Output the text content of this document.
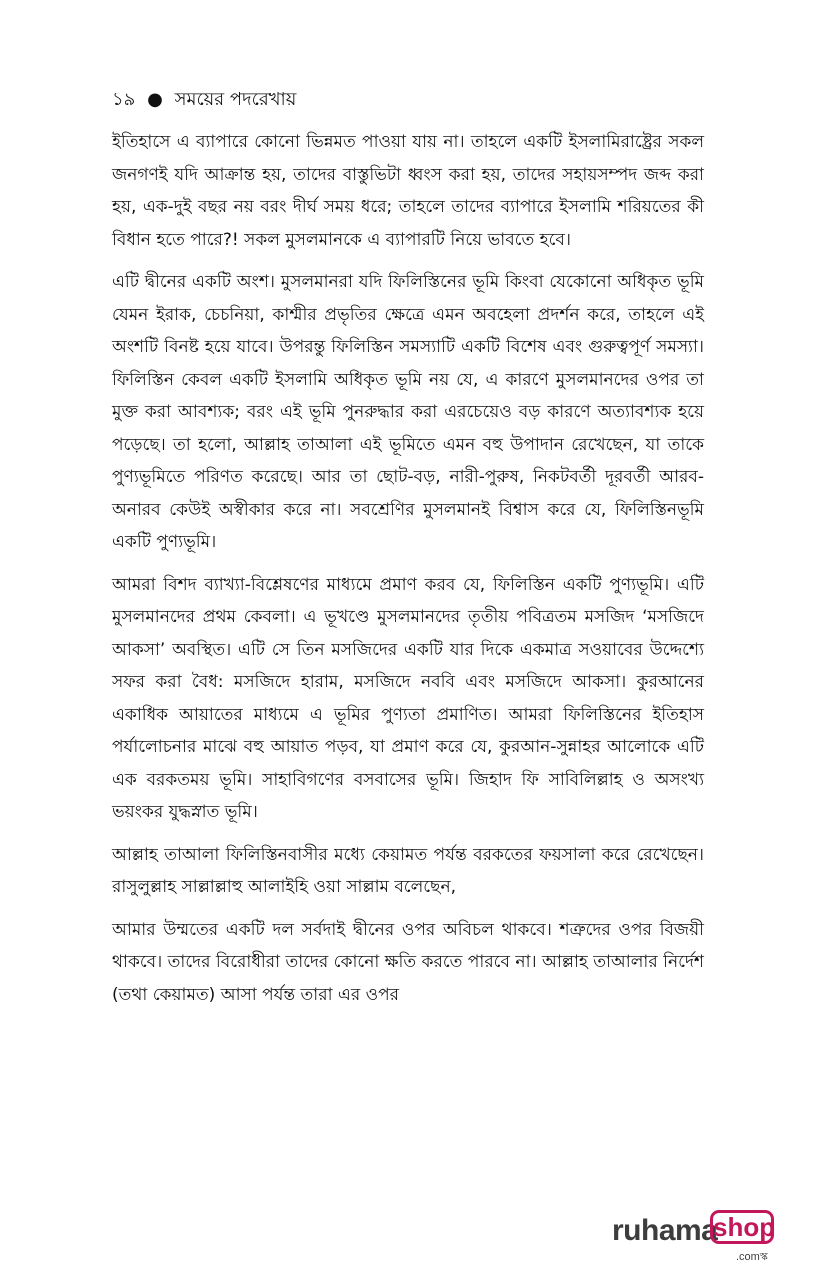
১৯ ● সময়ের পদরেখায়

ইতিহাসে এ ব্যাপারে কোনো ভিন্নমত পাওয়া যায় না। তাহলে একটি ইসলামিরাষ্ট্রের সকল জনগণই যদি আক্রান্ত হয়, তাদের বাস্তুভিটা ধ্বংস করা হয়, তাদের সহায়সম্পদ জব্দ করা হয়, এক-দুই বছর নয় বরং দীর্ঘ সময় ধরে; তাহলে তাদের ব্যাপারে ইসলামি শরিয়তের কী বিধান হতে পারে?! সকল মুসলমানকে এ ব্যাপারটি নিয়ে ভাবতে হবে।

এটি দ্বীনের একটি অংশ। মুসলমানরা যদি ফিলিস্তিনের ভূমি কিংবা যেকোনো অধিকৃত ভূমি যেমন ইরাক, চেচনিয়া, কাশ্মীর প্রভৃতির ক্ষেত্রে এমন অবহেলা প্রদর্শন করে, তাহলে এই অংশটি বিনষ্ট হয়ে যাবে। উপরন্তু ফিলিস্তিন সমস্যাটি একটি বিশেষ এবং গুরুত্বপূর্ণ সমস্যা। ফিলিস্তিন কেবল একটি ইসলামি অধিকৃত ভূমি নয় যে, এ কারণে মুসলমানদের ওপর তা মুক্ত করা আবশ্যক; বরং এই ভূমি পুনরুদ্ধার করা এরচেয়েও বড় কারণে অত্যাবশ্যক হয়ে পড়েছে। তা হলো, আল্লাহ তাআলা এই ভূমিতে এমন বহু উপাদান রেখেছেন, যা তাকে পুণ্যভূমিতে পরিণত করেছে। আর তা ছোট-বড়, নারী-পুরুষ, নিকটবর্তী দূরবর্তী আরব-অনারব কেউই অস্বীকার করে না। সবশ্রেণির মুসলমানই বিশ্বাস করে যে, ফিলিস্তিনভূমি একটি পুণ্যভূমি।

আমরা বিশদ ব্যাখ্যা-বিশ্লেষণের মাধ্যমে প্রমাণ করব যে, ফিলিস্তিন একটি পুণ্যভূমি। এটি মুসলমানদের প্রথম কেবলা। এ ভূখণ্ডে মুসলমানদের তৃতীয় পবিত্রতম মসজিদ ‘মসজিদে আকসা’ অবস্থিত। এটি সে তিন মসজিদের একটি যার দিকে একমাত্র সওয়াবের উদ্দেশ্যে সফর করা বৈধ: মসজিদে হারাম, মসজিদে নববি এবং মসজিদে আকসা। কুরআনের একাধিক আয়াতের মাধ্যমে এ ভূমির পুণ্যতা প্রমাণিত। আমরা ফিলিস্তিনের ইতিহাস পর্যালোচনার মাঝে বহু আয়াত পড়ব, যা প্রমাণ করে যে, কুরআন-সুন্নাহর আলোকে এটি এক বরকতময় ভূমি। সাহাবিগণের বসবাসের ভূমি। জিহাদ ফি সাবিলিল্লাহ ও অসংখ্য ভয়ংকর যুদ্ধস্নাত ভূমি।

আল্লাহ তাআলা ফিলিস্তিনবাসীর মধ্যে কেয়ামত পর্যন্ত বরকতের ফয়সালা করে রেখেছেন। রাসুলুল্লাহ সাল্লাল্লাহু আলাইহি ওয়া সাল্লাম বলেছেন,

আমার উম্মতের একটি দল সর্বদাই দ্বীনের ওপর অবিচল থাকবে। শত্রুদের ওপর বিজয়ী থাকবে। তাদের বিরোধীরা তাদের কোনো ক্ষতি করতে পারবে না। আল্লাহ তাআলার নির্দেশ (তথা কেয়ামত) আসা পর্যন্ত তারা এর ওপর

ruhama
shop
.comস্ক
